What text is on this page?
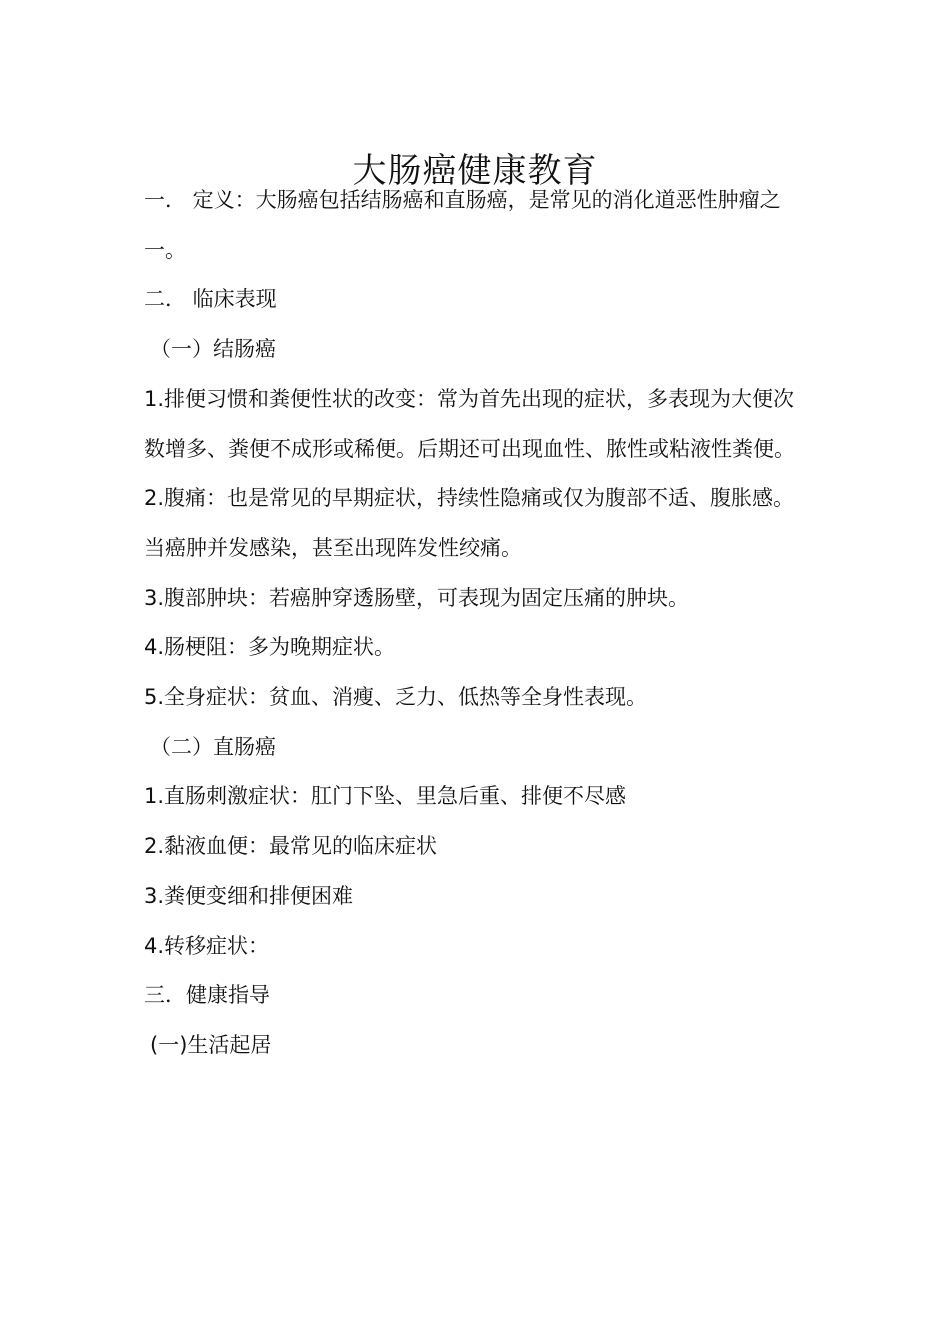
大肠癌健康教育

一． 定义：大肠癌包括结肠癌和直肠癌，是常见的消化道恶性肿瘤之一。

二． 临床表现

（一）结肠癌

1.排便习惯和粪便性状的改变：常为首先出现的症状，多表现为大便次数增多、粪便不成形或稀便。后期还可出现血性、脓性或粘液性粪便。

2.腹痛：也是常见的早期症状，持续性隐痛或仅为腹部不适、腹胀感。当癌肿并发感染，甚至出现阵发性绞痛。

3.腹部肿块：若癌肿穿透肠壁，可表现为固定压痛的肿块。

4.肠梗阻：多为晚期症状。

5.全身症状：贫血、消瘦、乏力、低热等全身性表现。

（二）直肠癌

1.直肠刺激症状：肛门下坠、里急后重、排便不尽感

2.黏液血便：最常见的临床症状

3.粪便变细和排便困难

4.转移症状：

三．健康指导

(一)生活起居
